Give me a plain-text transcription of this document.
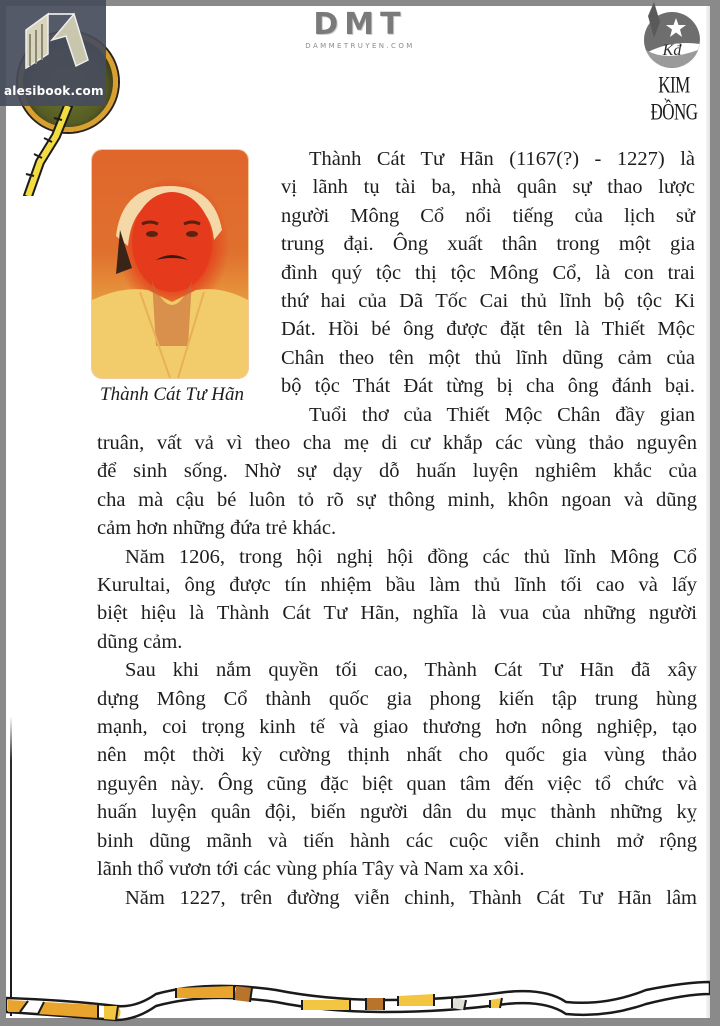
alesibook.com
DMT
DAMMETRUYEN.COM	Kđ
KIM ĐỒNG
Thành Cát Tư Hãn
Thành Cát Tư Hãn (1167(?) - 1227) là
vị lãnh tụ tài ba, nhà quân sự thao lược
người Mông Cổ nổi tiếng của lịch sử
trung đại. Ông xuất thân trong một gia
đình quý tộc thị tộc Mông Cổ, là con trai
thứ hai của Dã Tốc Cai thủ lĩnh bộ tộc Ki
Dát. Hồi bé ông được đặt tên là Thiết Mộc
Chân theo tên một thủ lĩnh dũng cảm của
bộ tộc Thát Đát từng bị cha ông đánh bại.
Tuổi thơ của Thiết Mộc Chân đầy gian
truân, vất vả vì theo cha mẹ di cư khắp các vùng thảo nguyên
để sinh sống. Nhờ sự dạy dỗ huấn luyện nghiêm khắc của
cha mà cậu bé luôn tỏ rõ sự thông minh, khôn ngoan và dũng
cảm hơn những đứa trẻ khác.
Năm 1206, trong hội nghị hội đồng các thủ lĩnh Mông Cổ
Kurultai, ông được tín nhiệm bầu làm thủ lĩnh tối cao và lấy
biệt hiệu là Thành Cát Tư Hãn, nghĩa là vua của những người
dũng cảm.
Sau khi nắm quyền tối cao, Thành Cát Tư Hãn đã xây
dựng Mông Cổ thành quốc gia phong kiến tập trung hùng
mạnh, coi trọng kinh tế và giao thương hơn nông nghiệp, tạo
nên một thời kỳ cường thịnh nhất cho quốc gia vùng thảo
nguyên này. Ông cũng đặc biệt quan tâm đến việc tổ chức và
huấn luyện quân đội, biến người dân du mục thành những kỵ
binh dũng mãnh và tiến hành các cuộc viễn chinh mở rộng
lãnh thổ vươn tới các vùng phía Tây và Nam xa xôi.
Năm 1227, trên đường viễn chinh, Thành Cát Tư Hãn lâm
